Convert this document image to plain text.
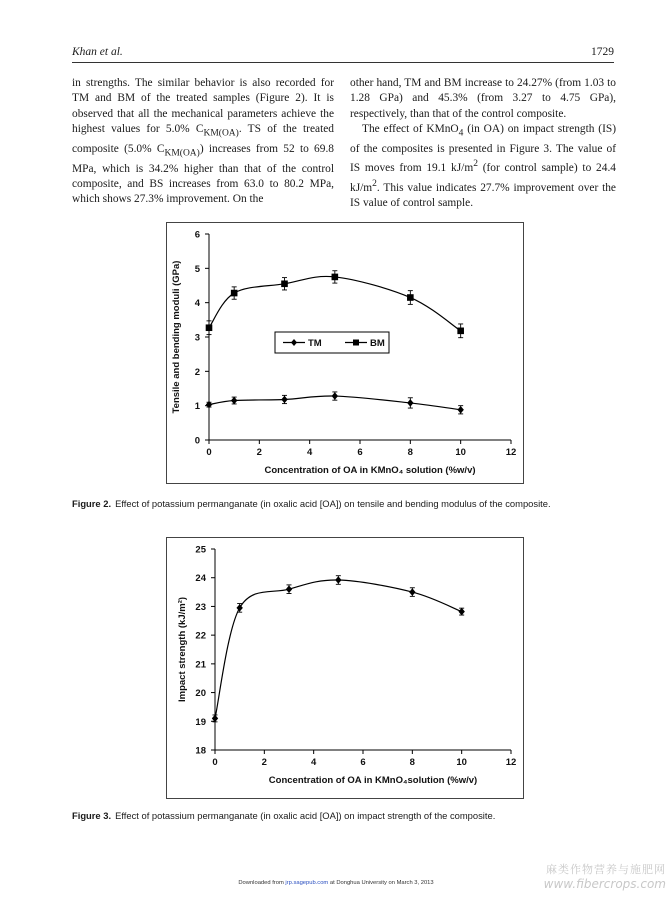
Khan et al.	1729

in strengths. The similar behavior is also recorded for TM and BM of the treated samples (Figure 2). It is observed that all the mechanical parameters achieve the highest values for 5.0% $C_{KM(OA)}$. TS of the treated composite (5.0% $C_{KM(OA)}$) increases from 52 to 69.8 MPa, which is 34.2% higher than that of the control composite, and BS increases from 63.0 to 80.2 MPa, which shows 27.3% improvement. On the

other hand, TM and BM increase to 24.27% (from 1.03 to 1.28 GPa) and 45.3% (from 3.27 to 4.75 GPa), respectively, than that of the control composite.

The effect of KMnO$_4$ (in OA) on impact strength (IS) of the composites is presented in Figure 3. The value of IS moves from 19.1 $kJ/m^2$ (for control sample) to 24.4 $kJ/m^2$. This value indicates 27.7% improvement over the IS value of control sample.

0
1
2
3
4
5
6
0	2	4	6	8	10	12
Concentration of OA in KMnO₄ solution (%w/v)
Tensile and bending moduli (GPa)	TM	BM
Figure 2. Effect of potassium permanganate (in oxalic acid [OA]) on tensile and bending modulus of the composite.
18
19
20
21
22
23
24
25
0	2	4	6	8	10	12
Concentration of OA in KMnO₄solution (%w/v)
Impact strength (kJ/m²)
Figure 3. Effect of potassium permanganate (in oxalic acid [OA]) on impact strength of the composite.
Downloaded from jrp.sagepub.com at Donghua University on March 3, 2013
麻类作物营养与施肥网
www.fibercrops.com
